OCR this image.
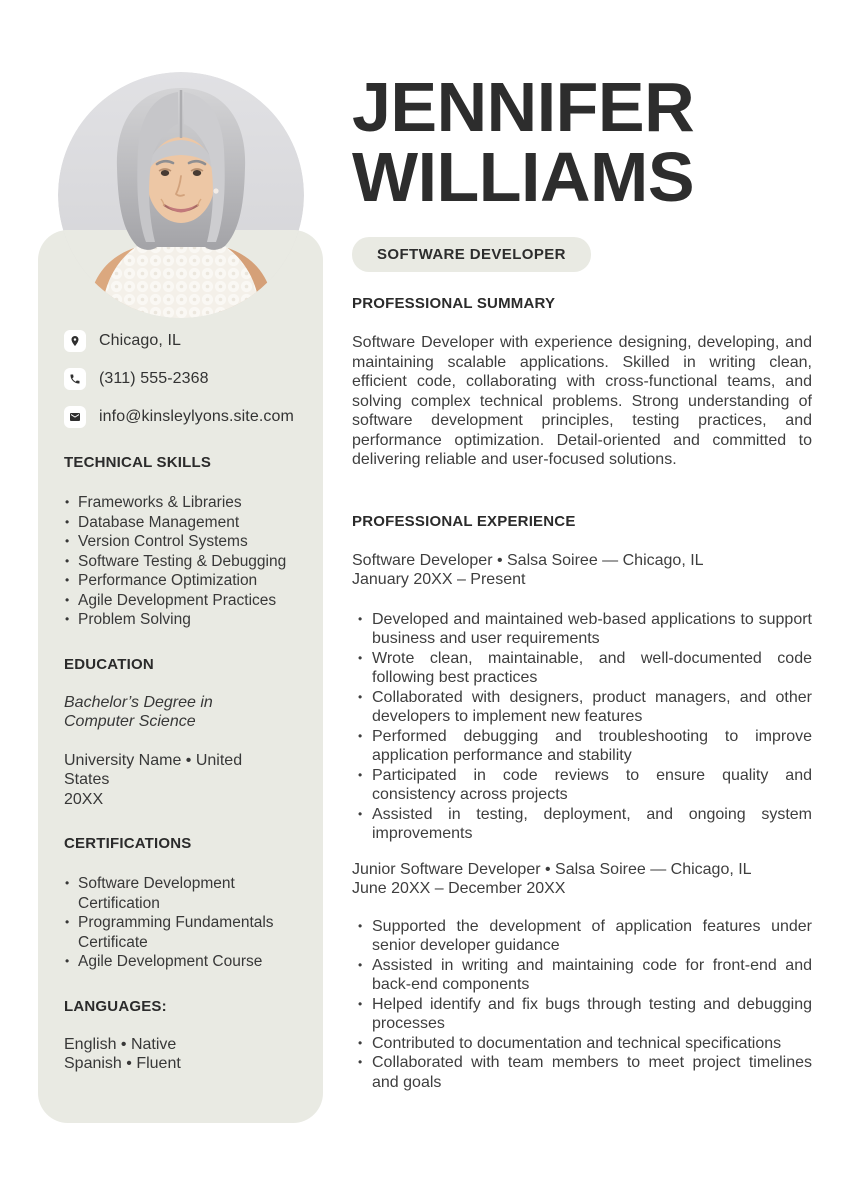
Chicago, IL
(311) 555-2368
info@kinsleylyons.site.com
TECHNICAL SKILLS
• Frameworks & Libraries
• Database Management
• Version Control Systems
• Software Testing & Debugging
• Performance Optimization
• Agile Development Practices
• Problem Solving
EDUCATION

Bachelor’s Degree in Computer Science

University Name • United States
20XX

CERTIFICATIONS
• Software Development Certification
• Programming Fundamentals Certificate
• Agile Development Course
LANGUAGES:
English • Native
Spanish • Fluent
JENNIFER
WILLIAMS
SOFTWARE DEVELOPER
PROFESSIONAL SUMMARY

Software Developer with experience designing, developing, and maintaining scalable applications. Skilled in writing clean, efficient code, collaborating with cross-functional teams, and solving complex technical problems. Strong understanding of software development principles, testing practices, and performance optimization. Detail-oriented and committed to delivering reliable and user-focused solutions.

PROFESSIONAL EXPERIENCE

Software Developer • Salsa Soiree — Chicago, IL

January 20XX – Present

• Developed and maintained web-based applications to support business and user requirements
• Wrote clean, maintainable, and well-documented code following best practices
• Collaborated with designers, product managers, and other developers to implement new features
• Performed debugging and troubleshooting to improve application performance and stability
• Participated in code reviews to ensure quality and consistency across projects
• Assisted in testing, deployment, and ongoing system improvements

Junior Software Developer • Salsa Soiree — Chicago, IL

June 20XX – December 20XX

• Supported the development of application features under senior developer guidance
• Assisted in writing and maintaining code for front-end and back-end components
• Helped identify and fix bugs through testing and debugging processes
• Contributed to documentation and technical specifications
• Collaborated with team members to meet project timelines and goals
